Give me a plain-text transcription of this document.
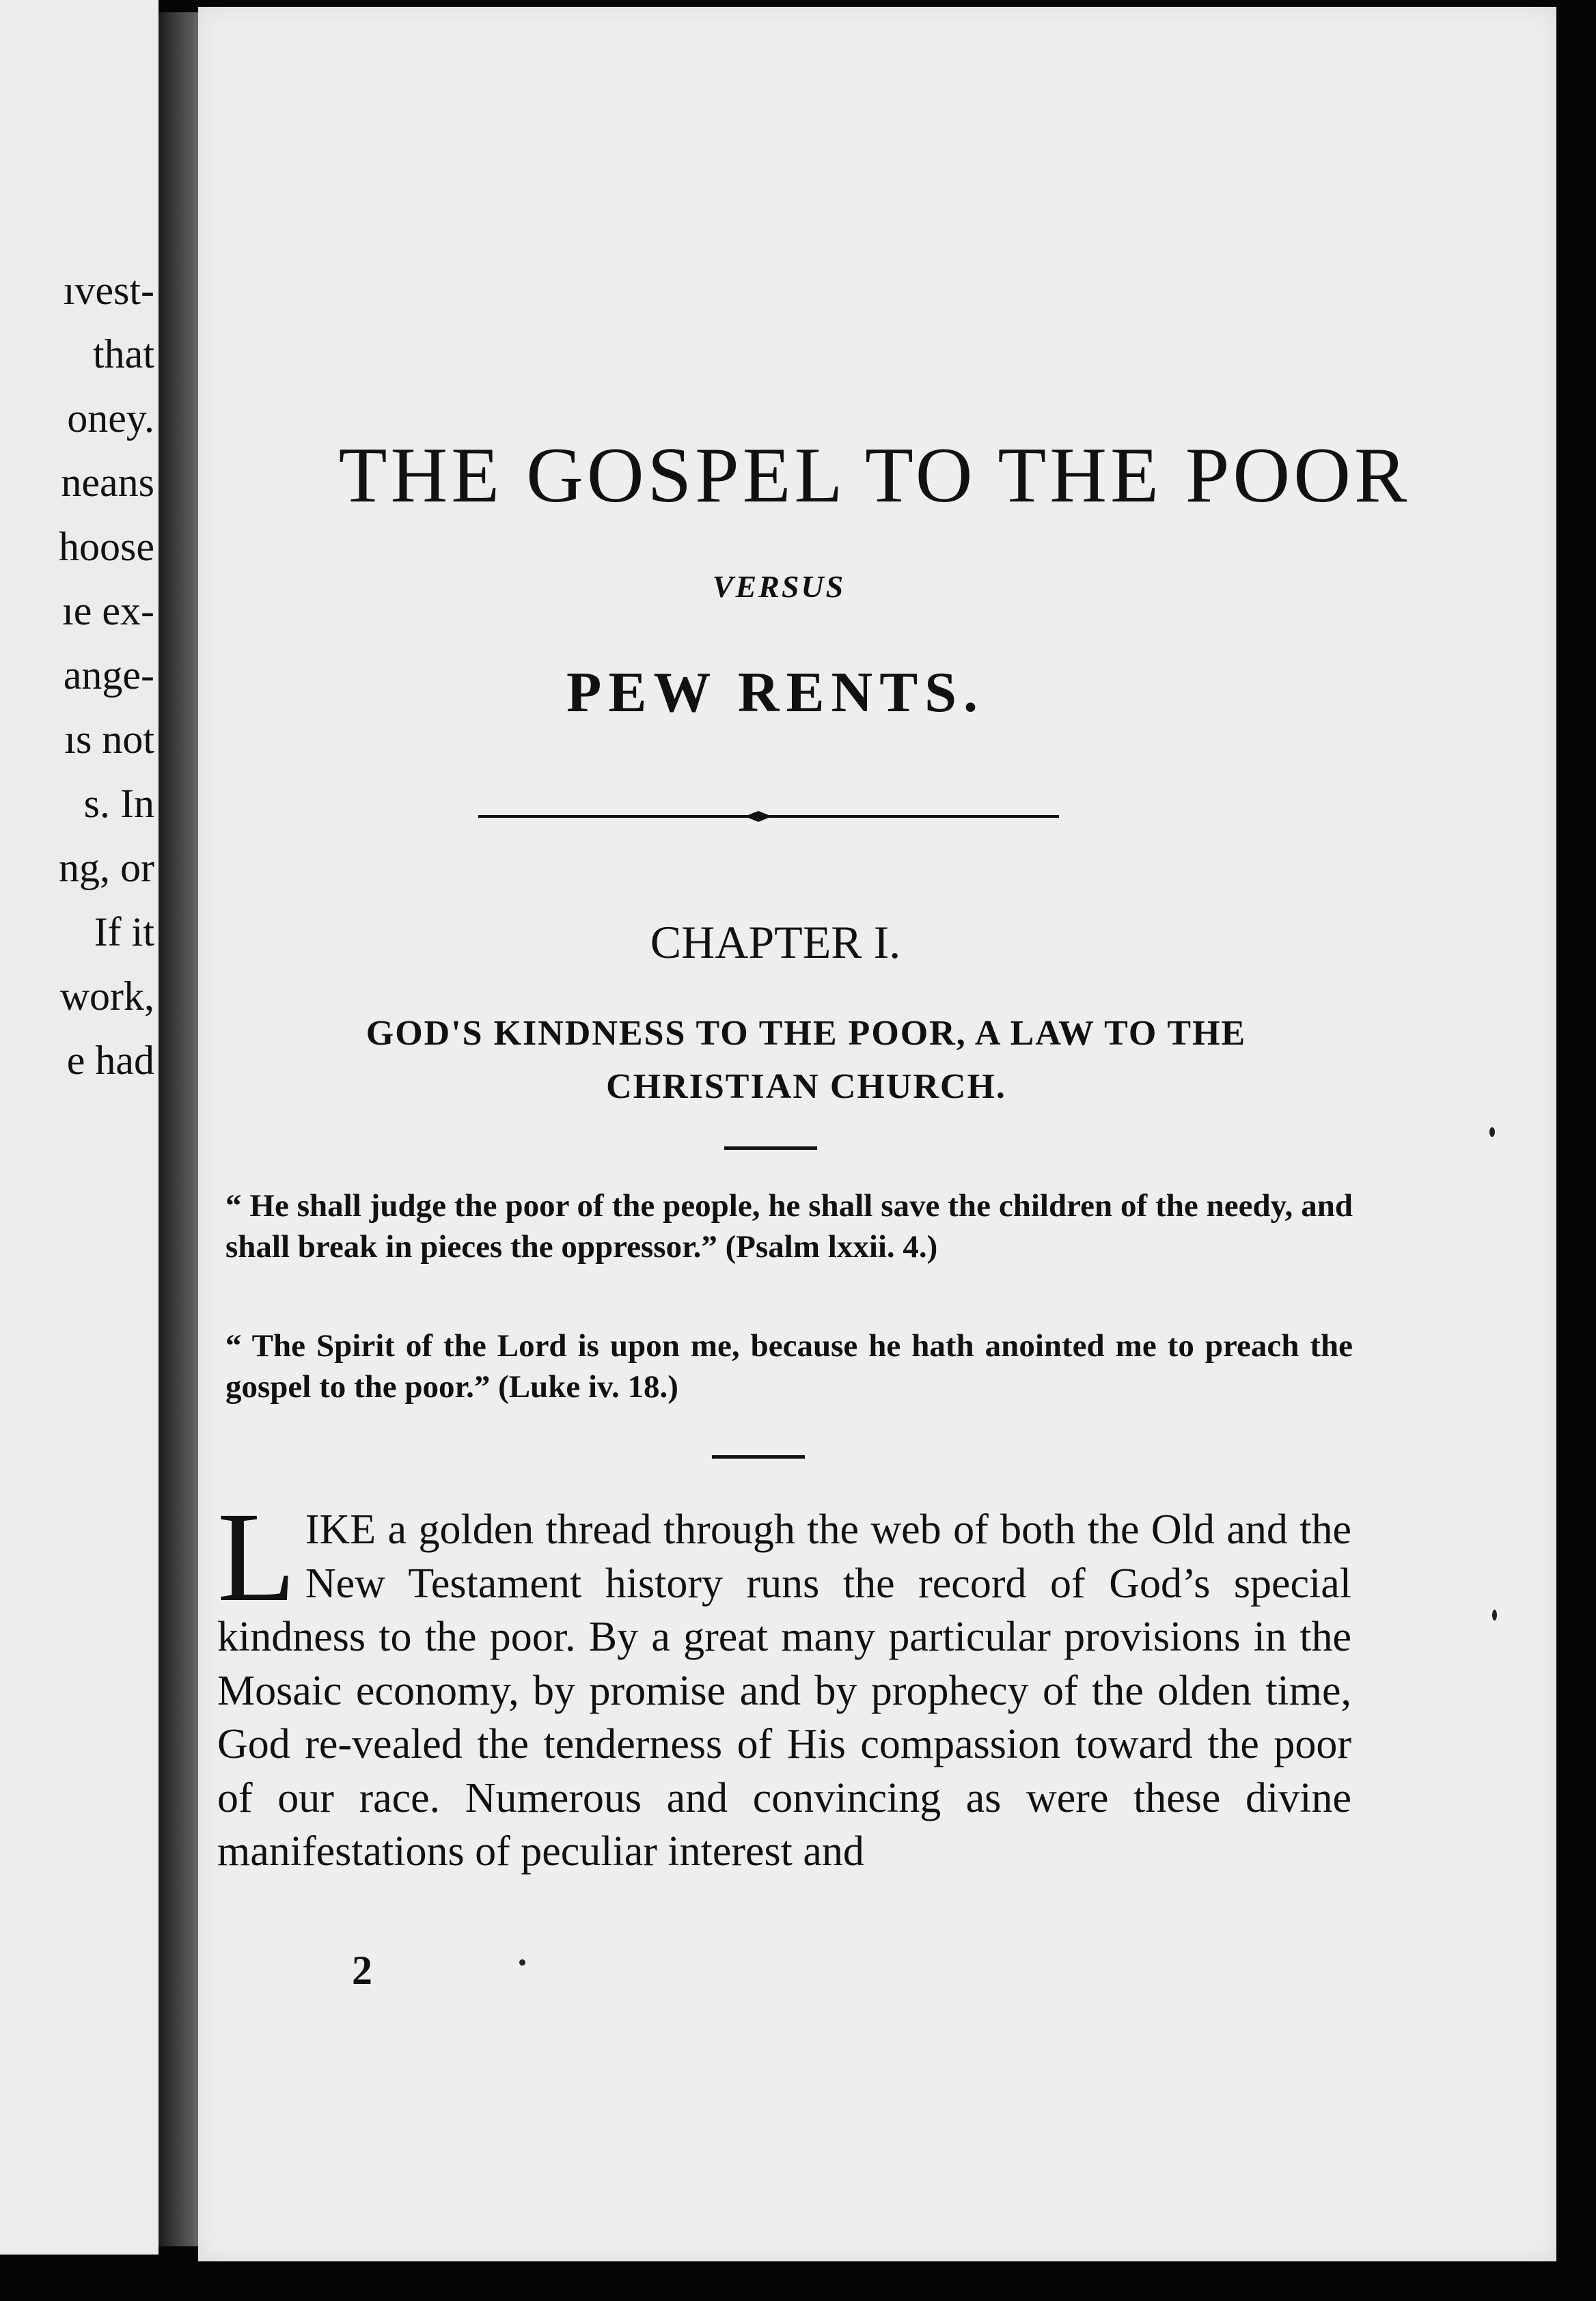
ıvest-
that
oney.
neans
hoose
ıe ex-
ange-
ıs not
s. In
ng, or
If it
work,
e had
THE GOSPEL TO THE POOR
VERSUS
PEW RENTS.
CHAPTER I.
GOD'S KINDNESS TO THE POOR, A LAW TO THE
CHRISTIAN CHURCH.
“ He shall judge the poor of the people, he shall save the children of the needy, and shall break in pieces the oppressor.” (Psalm lxxii. 4.)
“ The Spirit of the Lord is upon me, because he hath anointed me to preach the gospel to the poor.” (Luke iv. 18.)
LIKE a golden thread through the web of both the Old and the New Testament history runs the record of God’s special kindness to the poor. By a great many particular provisions in the Mosaic economy, by promise and by prophecy of the olden time, God re-vealed the tenderness of His compassion toward the poor of our race. Numerous and convincing as were these divine manifestations of peculiar interest and
2
